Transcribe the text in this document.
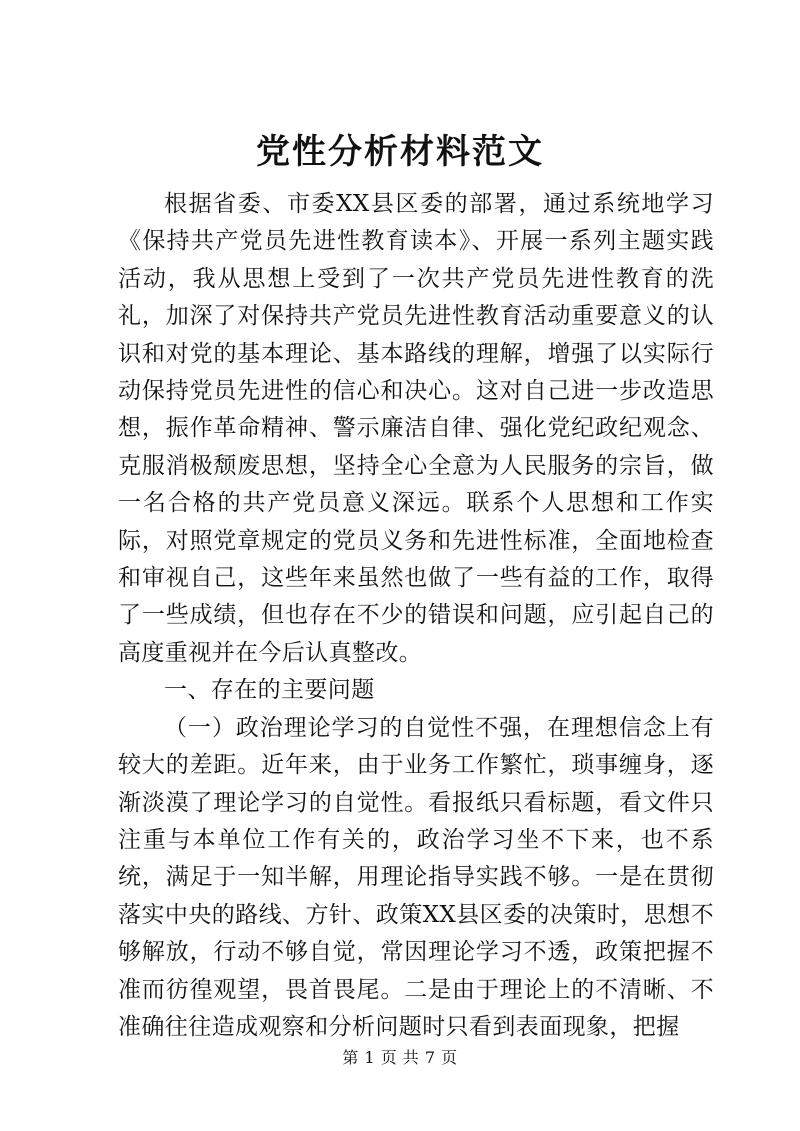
党性分析材料范文

根据省委、市委XX县区委的部署，通过系统地学习《保持共产党员先进性教育读本》、开展一系列主题实践活动，我从思想上受到了一次共产党员先进性教育的洗礼，加深了对保持共产党员先进性教育活动重要意义的认识和对党的基本理论、基本路线的理解，增强了以实际行动保持党员先进性的信心和决心。这对自己进一步改造思想，振作革命精神、警示廉洁自律、强化党纪政纪观念、克服消极颓废思想，坚持全心全意为人民服务的宗旨，做一名合格的共产党员意义深远。联系个人思想和工作实际，对照党章规定的党员义务和先进性标准，全面地检查和审视自己，这些年来虽然也做了一些有益的工作，取得了一些成绩，但也存在不少的错误和问题，应引起自己的高度重视并在今后认真整改。

一、存在的主要问题

（一）政治理论学习的自觉性不强，在理想信念上有较大的差距。近年来，由于业务工作繁忙，琐事缠身，逐渐淡漠了理论学习的自觉性。看报纸只看标题，看文件只注重与本单位工作有关的，政治学习坐不下来，也不系统，满足于一知半解，用理论指导实践不够。一是在贯彻落实中央的路线、方针、政策XX县区委的决策时，思想不够解放，行动不够自觉，常因理论学习不透，政策把握不准而彷徨观望，畏首畏尾。二是由于理论上的不清晰、不准确往往造成观察和分析问题时只看到表面现象，把握

第 1 页 共 7 页
